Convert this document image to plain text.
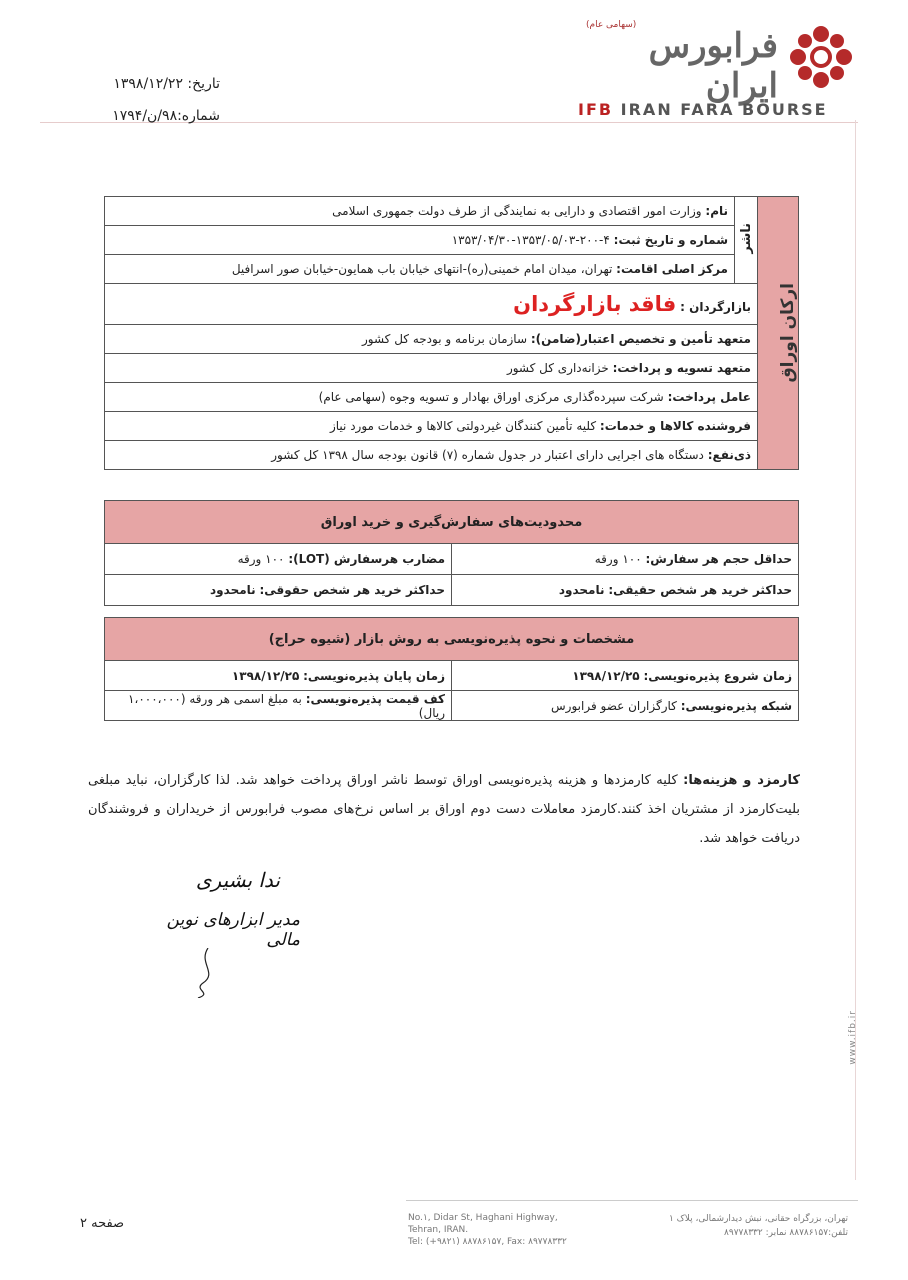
(سهامی عام)
فرابورس ایران
IFB IRAN FARA BOURSE
تاریخ: ۱۳۹۸/۱۲/۲۲
شماره:۹۸/ن/۱۷۹۴
ارکان اوراق
	ناشر	نام: وزارت امور اقتصادی و دارایی به نمایندگی از طرف دولت جمهوری اسلامی
شماره و تاریخ ثبت: ۴-۲۰۰-۱۳۵۳/۰۵/۰۳-۱۳۵۳/۰۴/۳۰
مرکز اصلی اقامت: تهران، میدان امام خمینی(ره)-انتهای خیابان باب همایون-خیابان صور اسرافیل
بازارگردان : فاقد بازارگردان
متعهد تأمین و تخصیص اعتبار(ضامن): سازمان برنامه و بودجه کل کشور
متعهد تسویه و پرداخت: خزانه‌داری کل کشور
عامل پرداخت: شرکت سپرده‌گذاری مرکزی اوراق بهادار و تسویه وجوه (سهامی عام)
فروشنده کالاها و خدمات: کلیه تأمین کنندگان غیردولتی کالاها و خدمات مورد نیاز
ذی‌نفع: دستگاه های اجرایی دارای اعتبار در جدول شماره (۷) قانون بودجه سال ۱۳۹۸ کل کشور
محدودیت‌های سفارش‌گیری و خرید اوراق	
حداقل حجم هر سفارش: ۱۰۰ ورقه	مضارب هرسفارش (LOT): ۱۰۰ ورقه
حداکثر خرید هر شخص حقیقی: نامحدود	حداکثر خرید هر شخص حقوقی: نامحدود
مشخصات و نحوه پذیره‌نویسی به روش بازار (شیوه حراج)	
زمان شروع پذیره‌نویسی: ۱۳۹۸/۱۲/۲۵	زمان پایان پذیره‌نویسی: ۱۳۹۸/۱۲/۲۵
شبکه پذیره‌نویسی: کارگزاران عضو فرابورس	کف قیمت پذیره‌نویسی: به مبلغ اسمی هر ورقه (۱،۰۰۰،۰۰۰ ریال)
کارمزد و هزینه‌ها: کلیه کارمزدها و هزینه پذیره‌نویسی اوراق توسط ناشر اوراق پرداخت خواهد شد. لذا کارگزاران، نباید مبلغی بلیت‌کارمزد از مشتریان اخذ کنند.کارمزد معاملات دست دوم اوراق بر اساس نرخ‌های مصوب فرابورس از خریداران و فروشندگان دریافت خواهد شد.
ندا بشیری
مدیر ابزارهای نوین مالی
www.ifb.ir
صفحه ۲	No.۱, Didar St, Haghani Highway,
Tehran, IRAN.
Tel: (+۹۸۲۱) ۸۸۷۸۶۱۵۷, Fax: ۸۹۷۷۸۳۳۲
تهران، بزرگراه حقانی، نبش دیدارشمالی، پلاک ۱
تلفن:۸۸۷۸۶۱۵۷ نمابر: ۸۹۷۷۸۳۳۲
